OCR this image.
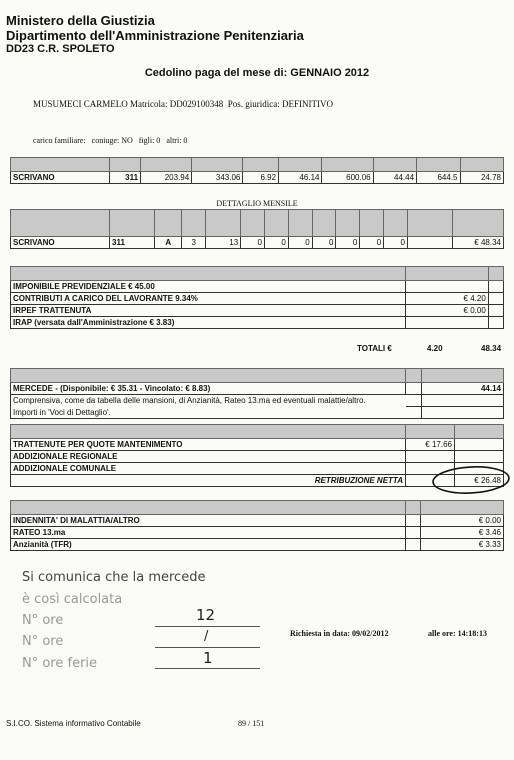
Ministero della Giustizia
Dipartimento dell'Amministrazione Penitenziaria
DD23 C.R. SPOLETO
Cedolino paga del mese di: GENNAIO 2012
MUSUMECI CARMELO Matricola: DD029100348 Pos. giuridica: DEFINITIVO
carico familiare: coniuge: NO figli: 0 altri: 0

SCRIVANO	311	203.94	343.06	6.92	46.14	600.06	44.44	644.5	24.78
DETTAGLIO MENSILE

SCRIVANO	311	A	3	13	0	0	0	0	0	0	0		€ 48.34

IMPONIBILE PREVIDENZIALE € 45.00		
CONTRIBUTI A CARICO DEL LAVORANTE 9.34%	€ 4.20	
IRPEF TRATTENUTA	€ 0.00	
IRAP (versata dall'Amministrazione € 3.83)		
TOTALI €	4.20	48.34

MERCEDE - (Disponibile: € 35.31 - Vincolato: € 8.83)		44.14
Comprensiva, come da tabella delle mansioni, di Anzianità, Rateo 13.ma ed eventuali malattie/altro.		
Importi in 'Voci di Dettaglio'.		

TRATTENUTE PER QUOTE MANTENIMENTO	€ 17.66	
ADDIZIONALE REGIONALE		
ADDIZIONALE COMUNALE		
RETRIBUZIONE NETTA		€ 26.48

INDENNITA' DI MALATTIA/ALTRO		€ 0.00
RATEO 13.ma		€ 3.46
Anzianità (TFR)		€ 3.33
Si comunica che la mercede
è così calcolata
N° ore	12
N° ore	/
N° ore ferie	1
Richiesta in data: 09/02/2012	alle ore: 14:18:13
S.I.CO. Sistema informativo Contabile	89 / 151
